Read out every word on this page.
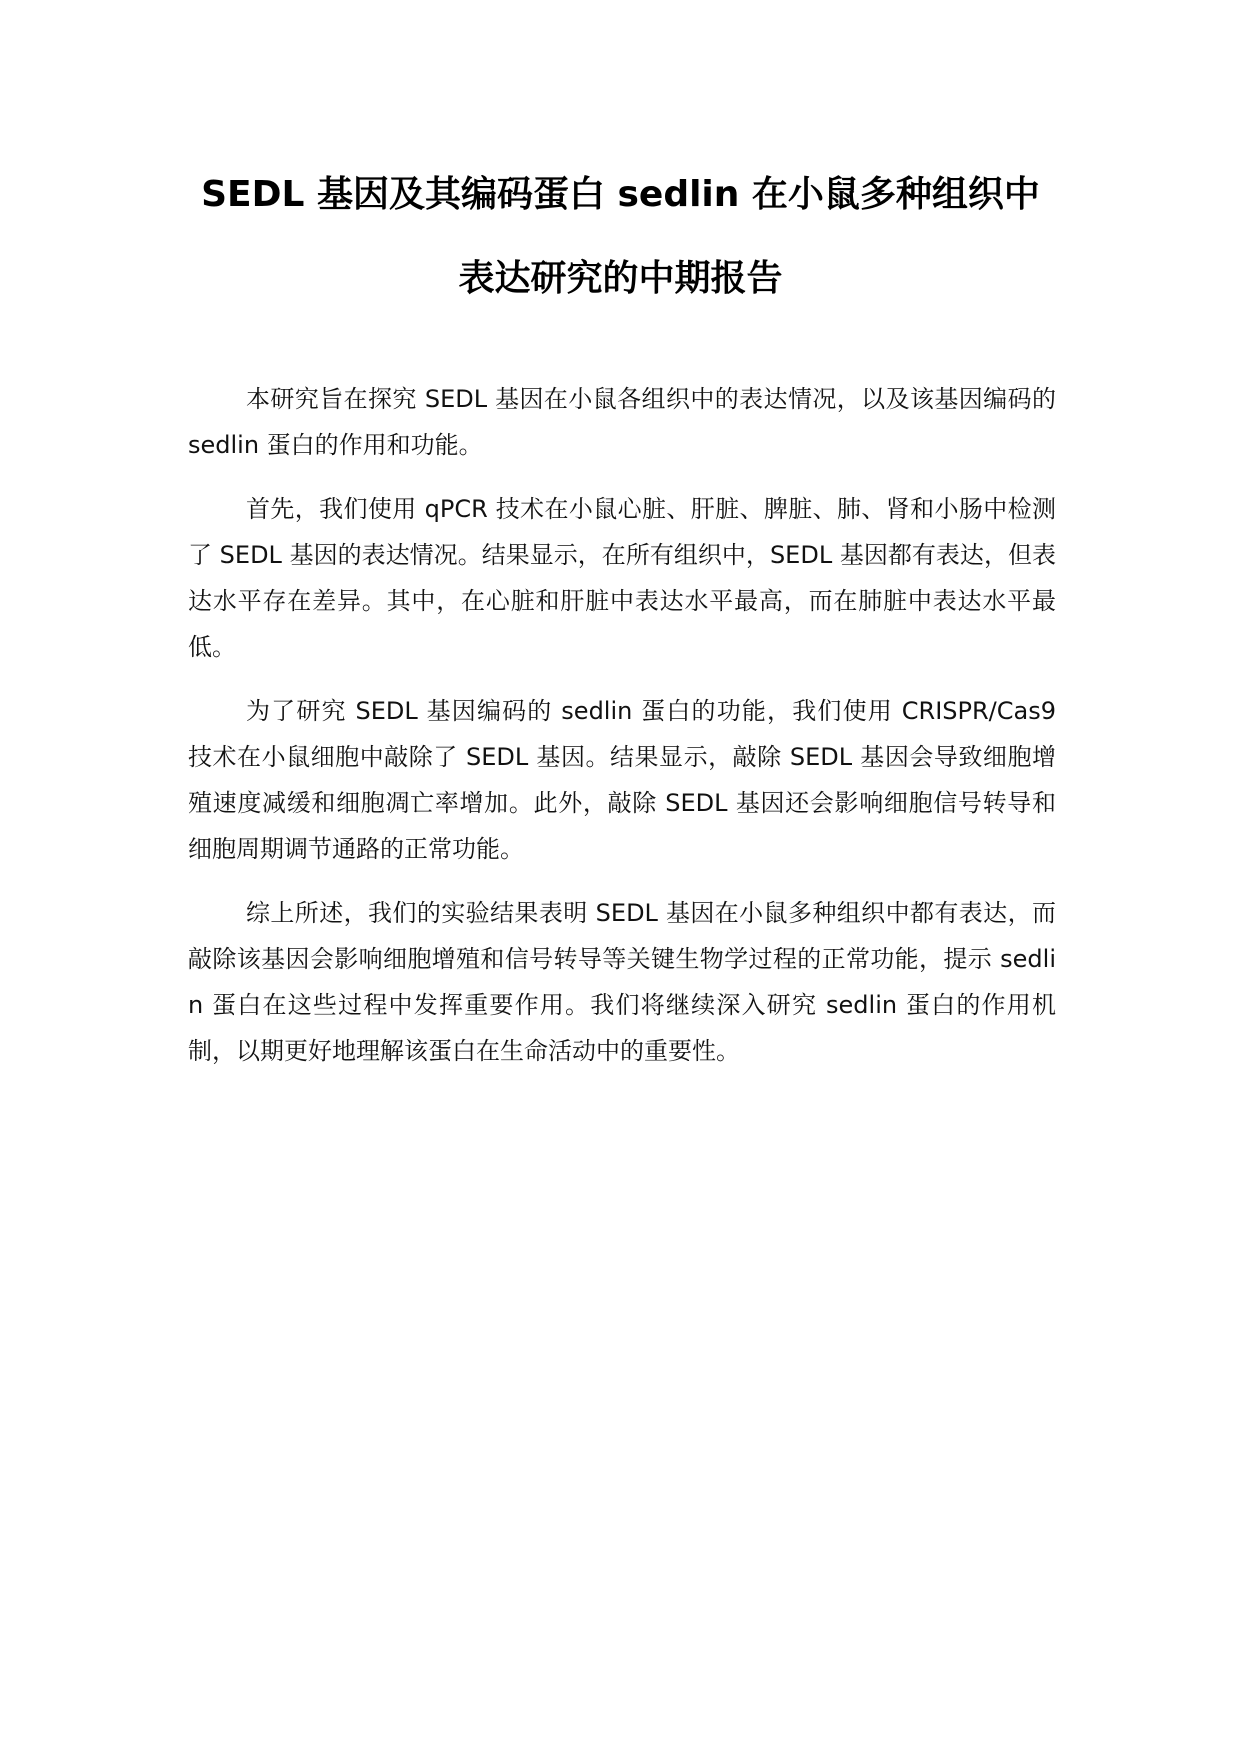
SEDL 基因及其编码蛋白 sedlin 在小鼠多种组织中
表达研究的中期报告

本研究旨在探究 SEDL 基因在小鼠各组织中的表达情况，以及该基因编码的 sedlin 蛋白的作用和功能。

首先，我们使用 qPCR 技术在小鼠心脏、肝脏、脾脏、肺、肾和小肠中检测了 SEDL 基因的表达情况。结果显示，在所有组织中，SEDL 基因都有表达，但表达水平存在差异。其中，在心脏和肝脏中表达水平最高，而在肺脏中表达水平最低。

为了研究 SEDL 基因编码的 sedlin 蛋白的功能，我们使用 CRISPR/Cas9 技术在小鼠细胞中敲除了 SEDL 基因。结果显示，敲除 SEDL 基因会导致细胞增殖速度减缓和细胞凋亡率增加。此外，敲除 SEDL 基因还会影响细胞信号转导和细胞周期调节通路的正常功能。

综上所述，我们的实验结果表明 SEDL 基因在小鼠多种组织中都有表达，而敲除该基因会影响细胞增殖和信号转导等关键生物学过程的正常功能，提示 sedlin 蛋白在这些过程中发挥重要作用。我们将继续深入研究 sedlin 蛋白的作用机制，以期更好地理解该蛋白在生命活动中的重要性。
